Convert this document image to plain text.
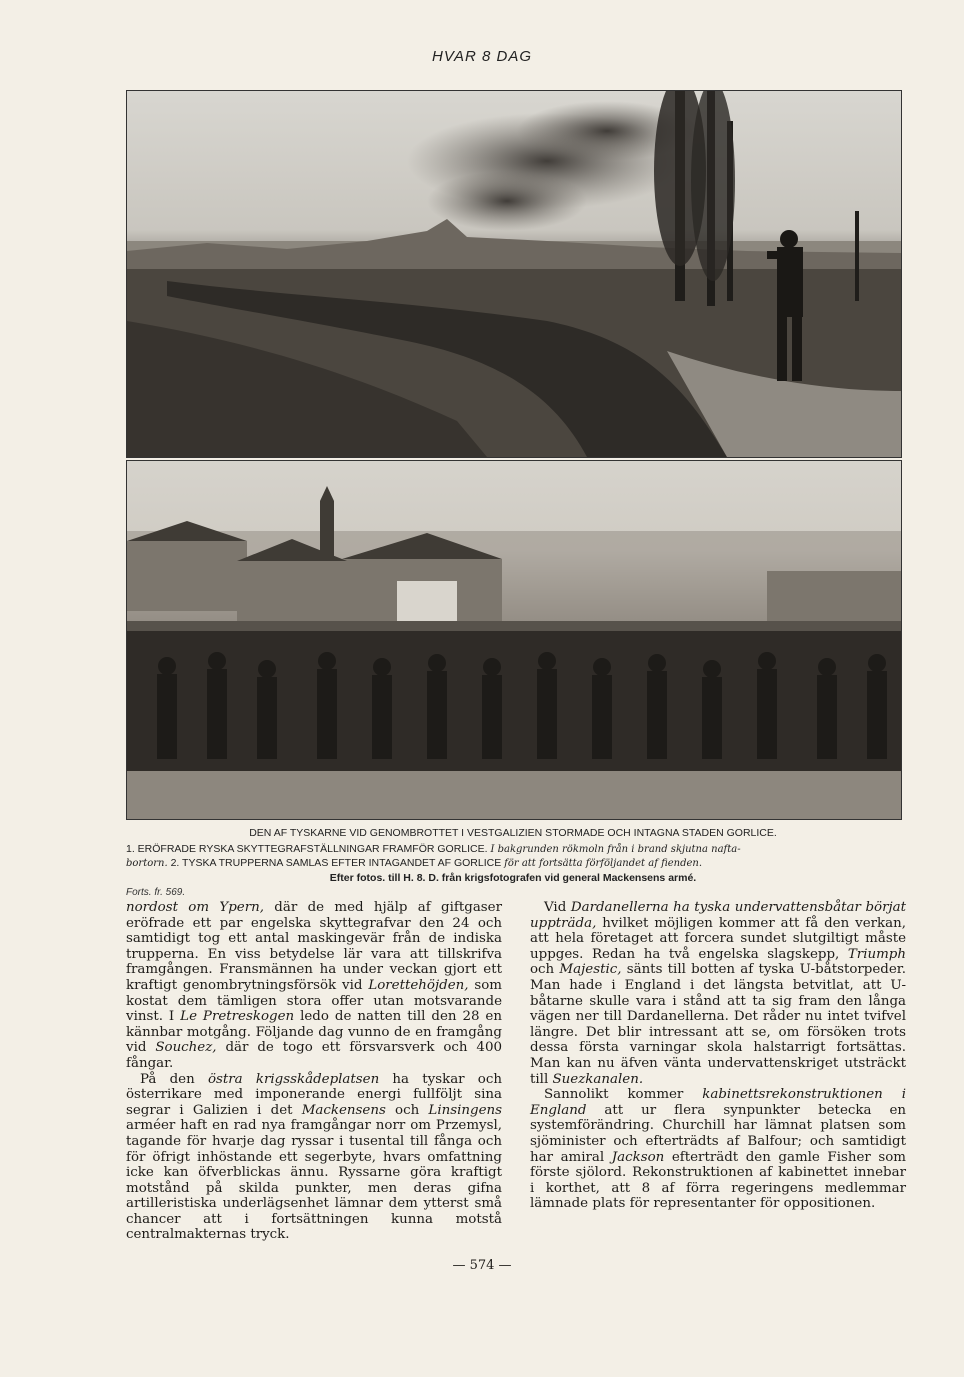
HVAR 8 DAG
DEN AF TYSKARNE VID GENOMBROTTET I VESTGALIZIEN STORMADE OCH INTAGNA STADEN GORLICE.
1. ERÖFRADE RYSKA SKYTTEGRAFSTÄLLNINGAR FRAMFÖR GORLICE. I bakgrunden rökmoln från i brand skjutna nafta-
bortorn. 2. TYSKA TRUPPERNA SAMLAS EFTER INTAGANDET AF GORLICE för att fortsätta förföljandet af fienden.
Efter fotos. till H. 8. D. från krigsfotografen vid general Mackensens armé.
Forts. fr. 569.

nordost om Ypern, där de med hjälp af giftgaser eröfrade ett par engelska skyttegrafvar den 24 och samtidigt tog ett antal maskingevär från de indiska trupperna. En viss betydelse lär vara att tillskrifva framgången. Fransmännen ha under veckan gjort ett kraftigt genombrytningsförsök vid Lorettehöjden, som kostat dem tämligen stora offer utan motsvarande vinst. I Le Pretreskogen ledo de natten till den 28 en kännbar motgång. Följande dag vunno de en framgång vid Souchez, där de togo ett försvarsverk och 400 fångar.

På den östra krigsskådeplatsen ha tyskar och österrikare med imponerande energi fullföljt sina segrar i Galizien i det Mackensens och Linsingens arméer haft en rad nya framgångar norr om Przemysl, tagande för hvarje dag ryssar i tusental till fånga och för öfrigt inhöstande ett segerbyte, hvars omfattning icke kan öfverblickas ännu. Ryssarne göra kraftigt motstånd på skilda punkter, men deras gifna artilleristiska underlägsenhet lämnar dem ytterst små chancer att i fortsättningen kunna motstå centralmakternas tryck.

Vid Dardanellerna ha tyska undervattensbåtar börjat uppträda, hvilket möjligen kommer att få den verkan, att hela företaget att forcera sundet slutgiltigt måste uppges. Redan ha två engelska slagskepp, Triumph och Majestic, sänts till botten af tyska U-båtstorpeder. Man hade i England i det längsta betvitlat, att U-båtarne skulle vara i stånd att ta sig fram den långa vägen ner till Dardanellerna. Det råder nu intet tvifvel längre. Det blir intressant att se, om försöken trots dessa första varningar skola halstarrigt fortsättas. Man kan nu äfven vänta undervattenskriget utsträckt till Suezkanalen.

Sannolikt kommer kabinettsrekonstruktionen i England att ur flera synpunkter betecka en systemförändring. Churchill har lämnat platsen som sjöminister och efterträdts af Balfour; och samtidigt har amiral Jackson efterträdt den gamle Fisher som förste sjölord. Rekonstruktionen af kabinettet innebar i korthet, att 8 af förra regeringens medlemmar lämnade plats för representanter för oppositionen.

— 574 —
